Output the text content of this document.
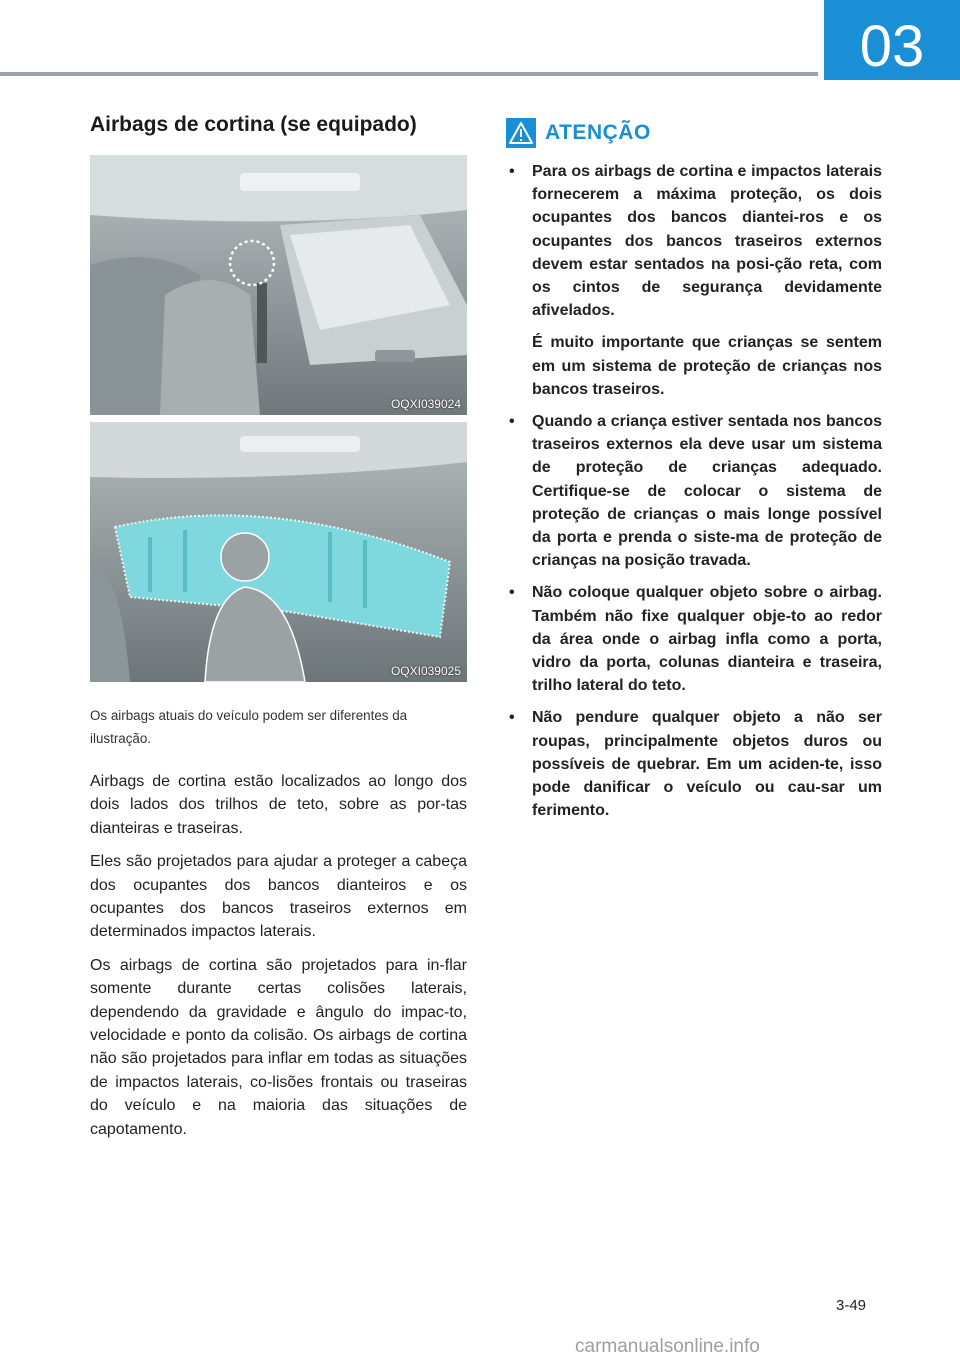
03
Airbags de cortina (se equipado)
OQXI039024
OQXI039025

Os airbags atuais do veículo podem ser diferentes da ilustração.

Airbags de cortina estão localizados ao longo dos dois lados dos trilhos de teto, sobre as por-tas dianteiras e traseiras.

Eles são projetados para ajudar a proteger a cabeça dos ocupantes dos bancos dianteiros e os ocupantes dos bancos traseiros externos em determinados impactos laterais.

Os airbags de cortina são projetados para in-flar somente durante certas colisões laterais, dependendo da gravidade e ângulo do impac-to, velocidade e ponto da colisão. Os airbags de cortina não são projetados para inflar em todas as situações de impactos laterais, co-lisões frontais ou traseiras do veículo e na maioria das situações de capotamento.

ATENÇÃO
• Para os airbags de cortina e impactos laterais fornecerem a máxima proteção, os dois ocupantes dos bancos diantei-ros e os ocupantes dos bancos traseiros externos devem estar sentados na posi-ção reta, com os cintos de segurança devidamente afivelados.

É muito importante que crianças se sentem em um sistema de proteção de crianças nos bancos traseiros.

• Quando a criança estiver sentada nos bancos traseiros externos ela deve usar um sistema de proteção de crianças adequado. Certifique-se de colocar o sistema de proteção de crianças o mais longe possível da porta e prenda o siste-ma de proteção de crianças na posição travada.

• Não coloque qualquer objeto sobre o airbag. Também não fixe qualquer obje-to ao redor da área onde o airbag infla como a porta, vidro da porta, colunas dianteira e traseira, trilho lateral do teto.

• Não pendure qualquer objeto a não ser roupas, principalmente objetos duros ou possíveis de quebrar. Em um aciden-te, isso pode danificar o veículo ou cau-sar um ferimento.

3-49
carmanualsonline.info
